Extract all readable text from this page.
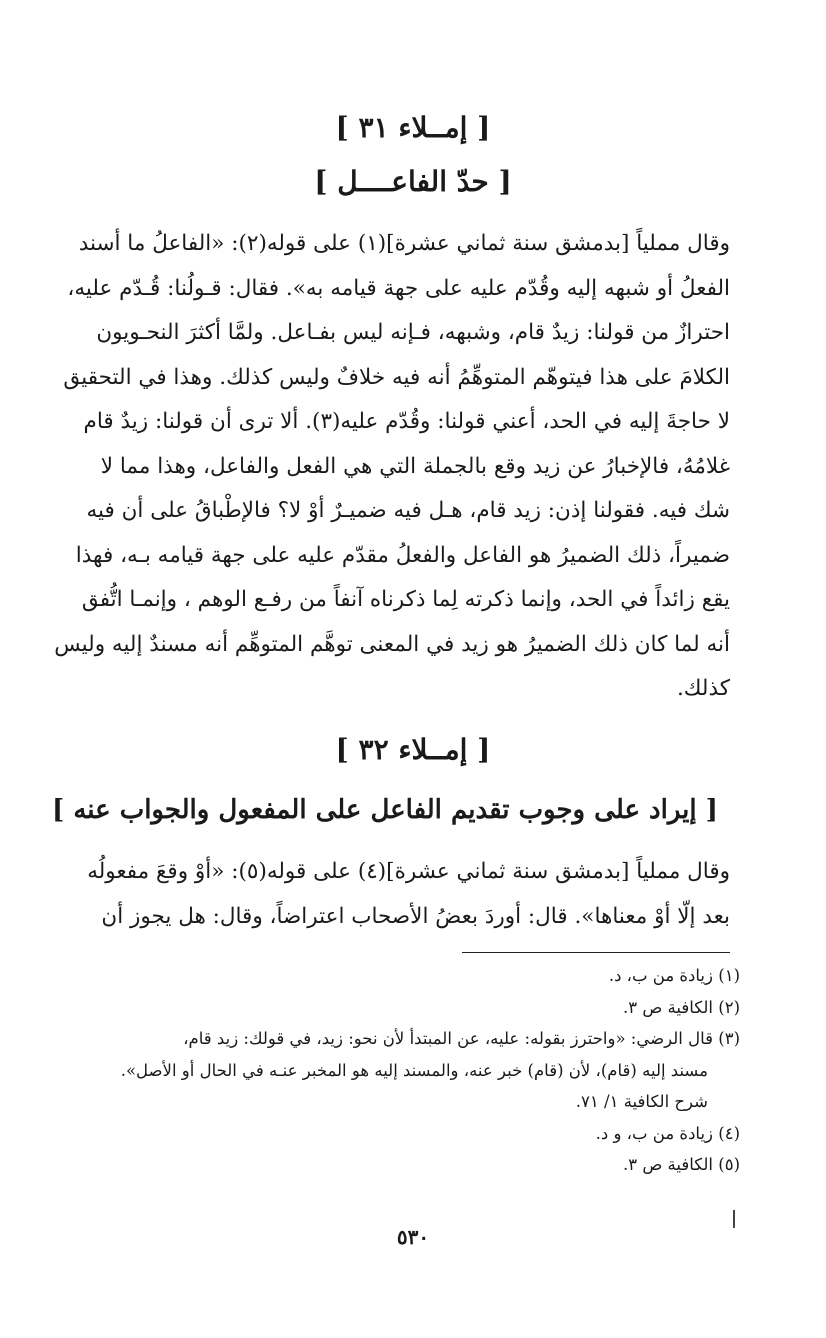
[ إمــلاء ٣١ ]
[ حدّ الفاعــــل ]
وقال مملياً [بدمشق سنة ثماني عشرة](١) على قوله(٢): «الفاعلُ ما أسند
الفعلُ أو شبهه إليه وقُدّم عليه على جهة قيامه به». فقال: قـولُنا: قُـدّم عليه،
احترازٌ من قولنا: زيدٌ قام، وشبهه، فـإنه ليس بفـاعل. ولمَّا أكثرَ النحـويون
الكلامَ على هذا فيتوهّم المتوهِّمُ أنه فيه خلافٌ وليس كذلك. وهذا في التحقيق
لا حاجةَ إليه في الحد، أعني قولنا: وقُدّم عليه(٣). ألا ترى أن قولنا: زيدٌ قام
غلامُهُ، فالإخبارُ عن زيد وقع بالجملة التي هي الفعل والفاعل، وهذا مما لا
شك فيه. فقولنا إذن: زيد قام، هـل فيه ضميـرٌ أوْ لا؟ فالإطْباقُ على أن فيه
ضميراً، ذلك الضميرُ هو الفاعل والفعلُ مقدّم عليه على جهة قيامه بـه، فهذا
يقع زائداً في الحد، وإنما ذكرته لِما ذكرناه آنفاً من رفـع الوهم ، وإنمـا اتُّفق
أنه لما كان ذلك الضميرُ هو زيد في المعنى توهَّم المتوهِّم أنه مسندٌ إليه وليس
كذلك.
[ إمــلاء ٣٢ ]
[ إيراد على وجوب تقديم الفاعل على المفعول والجواب عنه ]
وقال مملياً [بدمشق سنة ثماني عشرة](٤) على قوله(٥): «أوْ وقعَ مفعولُه
بعد إلّا أوْ معناها». قال: أوردَ بعضُ الأصحاب اعتراضاً، وقال: هل يجوز أن
(١) زيادة من ب، د.
(٢) الكافية ص ٣.
(٣) قال الرضي: «واحترز بقوله: عليه، عن المبتدأ لأن نحو: زيد، في قولك: زيد قام،
مسند إليه (قام)، لأن (قام) خبر عنه، والمسند إليه هو المخبر عنـه في الحال أو الأصل».
شرح الكافية ١/ ٧١.
(٤) زيادة من ب، و د.
(٥) الكافية ص ٣.
٥٣٠
